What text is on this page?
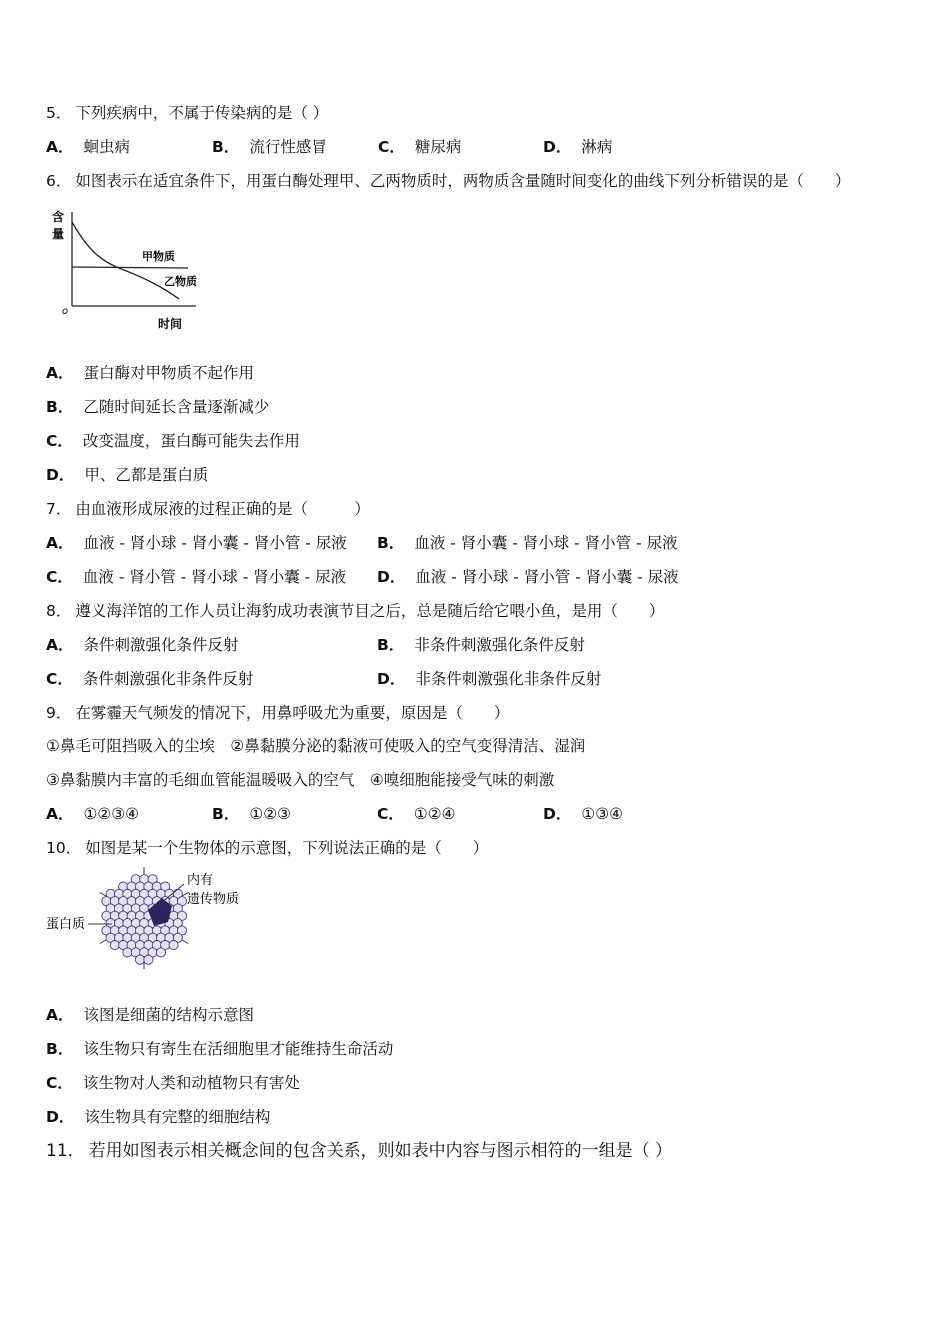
5． 下列疾病中，不属于传染病的是（ ）
A． 蛔虫病	B． 流行性感冒	C． 糖尿病	D． 淋病
6． 如图表示在适宜条件下，用蛋白酶处理甲、乙两物质时，两物质含量随时间变化的曲线下列分析错误的是（　　）
含
量
o
时间
甲物质
乙物质
A． 蛋白酶对甲物质不起作用
B． 乙随时间延长含量逐渐减少
C． 改变温度，蛋白酶可能失去作用
D． 甲、乙都是蛋白质
7． 由血液形成尿液的过程正确的是（　　　）
A． 血液 - 肾小球 - 肾小囊 - 肾小管 - 尿液 B． 血液 - 肾小囊 - 肾小球 - 肾小管 - 尿液
C． 血液 - 肾小管 - 肾小球 - 肾小囊 - 尿液 D． 血液 - 肾小球 - 肾小管 - 肾小囊 - 尿液
8． 遵义海洋馆的工作人员让海豹成功表演节目之后，总是随后给它喂小鱼，是用（　　）
A． 条件刺激强化条件反射	B． 非条件刺激强化条件反射
C． 条件刺激强化非条件反射	D． 非条件刺激强化非条件反射
9． 在雾霾天气频发的情况下，用鼻呼吸尤为重要，原因是（　　）
①鼻毛可阻挡吸入的尘埃　②鼻黏膜分泌的黏液可使吸入的空气变得清洁、湿润
③鼻黏膜内丰富的毛细血管能温暖吸入的空气　④嗅细胞能接受气味的刺激
A． ①②③④	B． ①②③	C． ①②④	D． ①③④
10． 如图是某一个生物体的示意图，下列说法正确的是（　　）
蛋白质
内有
遗传物质
A． 该图是细菌的结构示意图
B． 该生物只有寄生在活细胞里才能维持生命活动
C． 该生物对人类和动植物只有害处
D． 该生物具有完整的细胞结构
11． 若用如图表示相关概念间的包含关系，则如表中内容与图示相符的一组是（ ）
